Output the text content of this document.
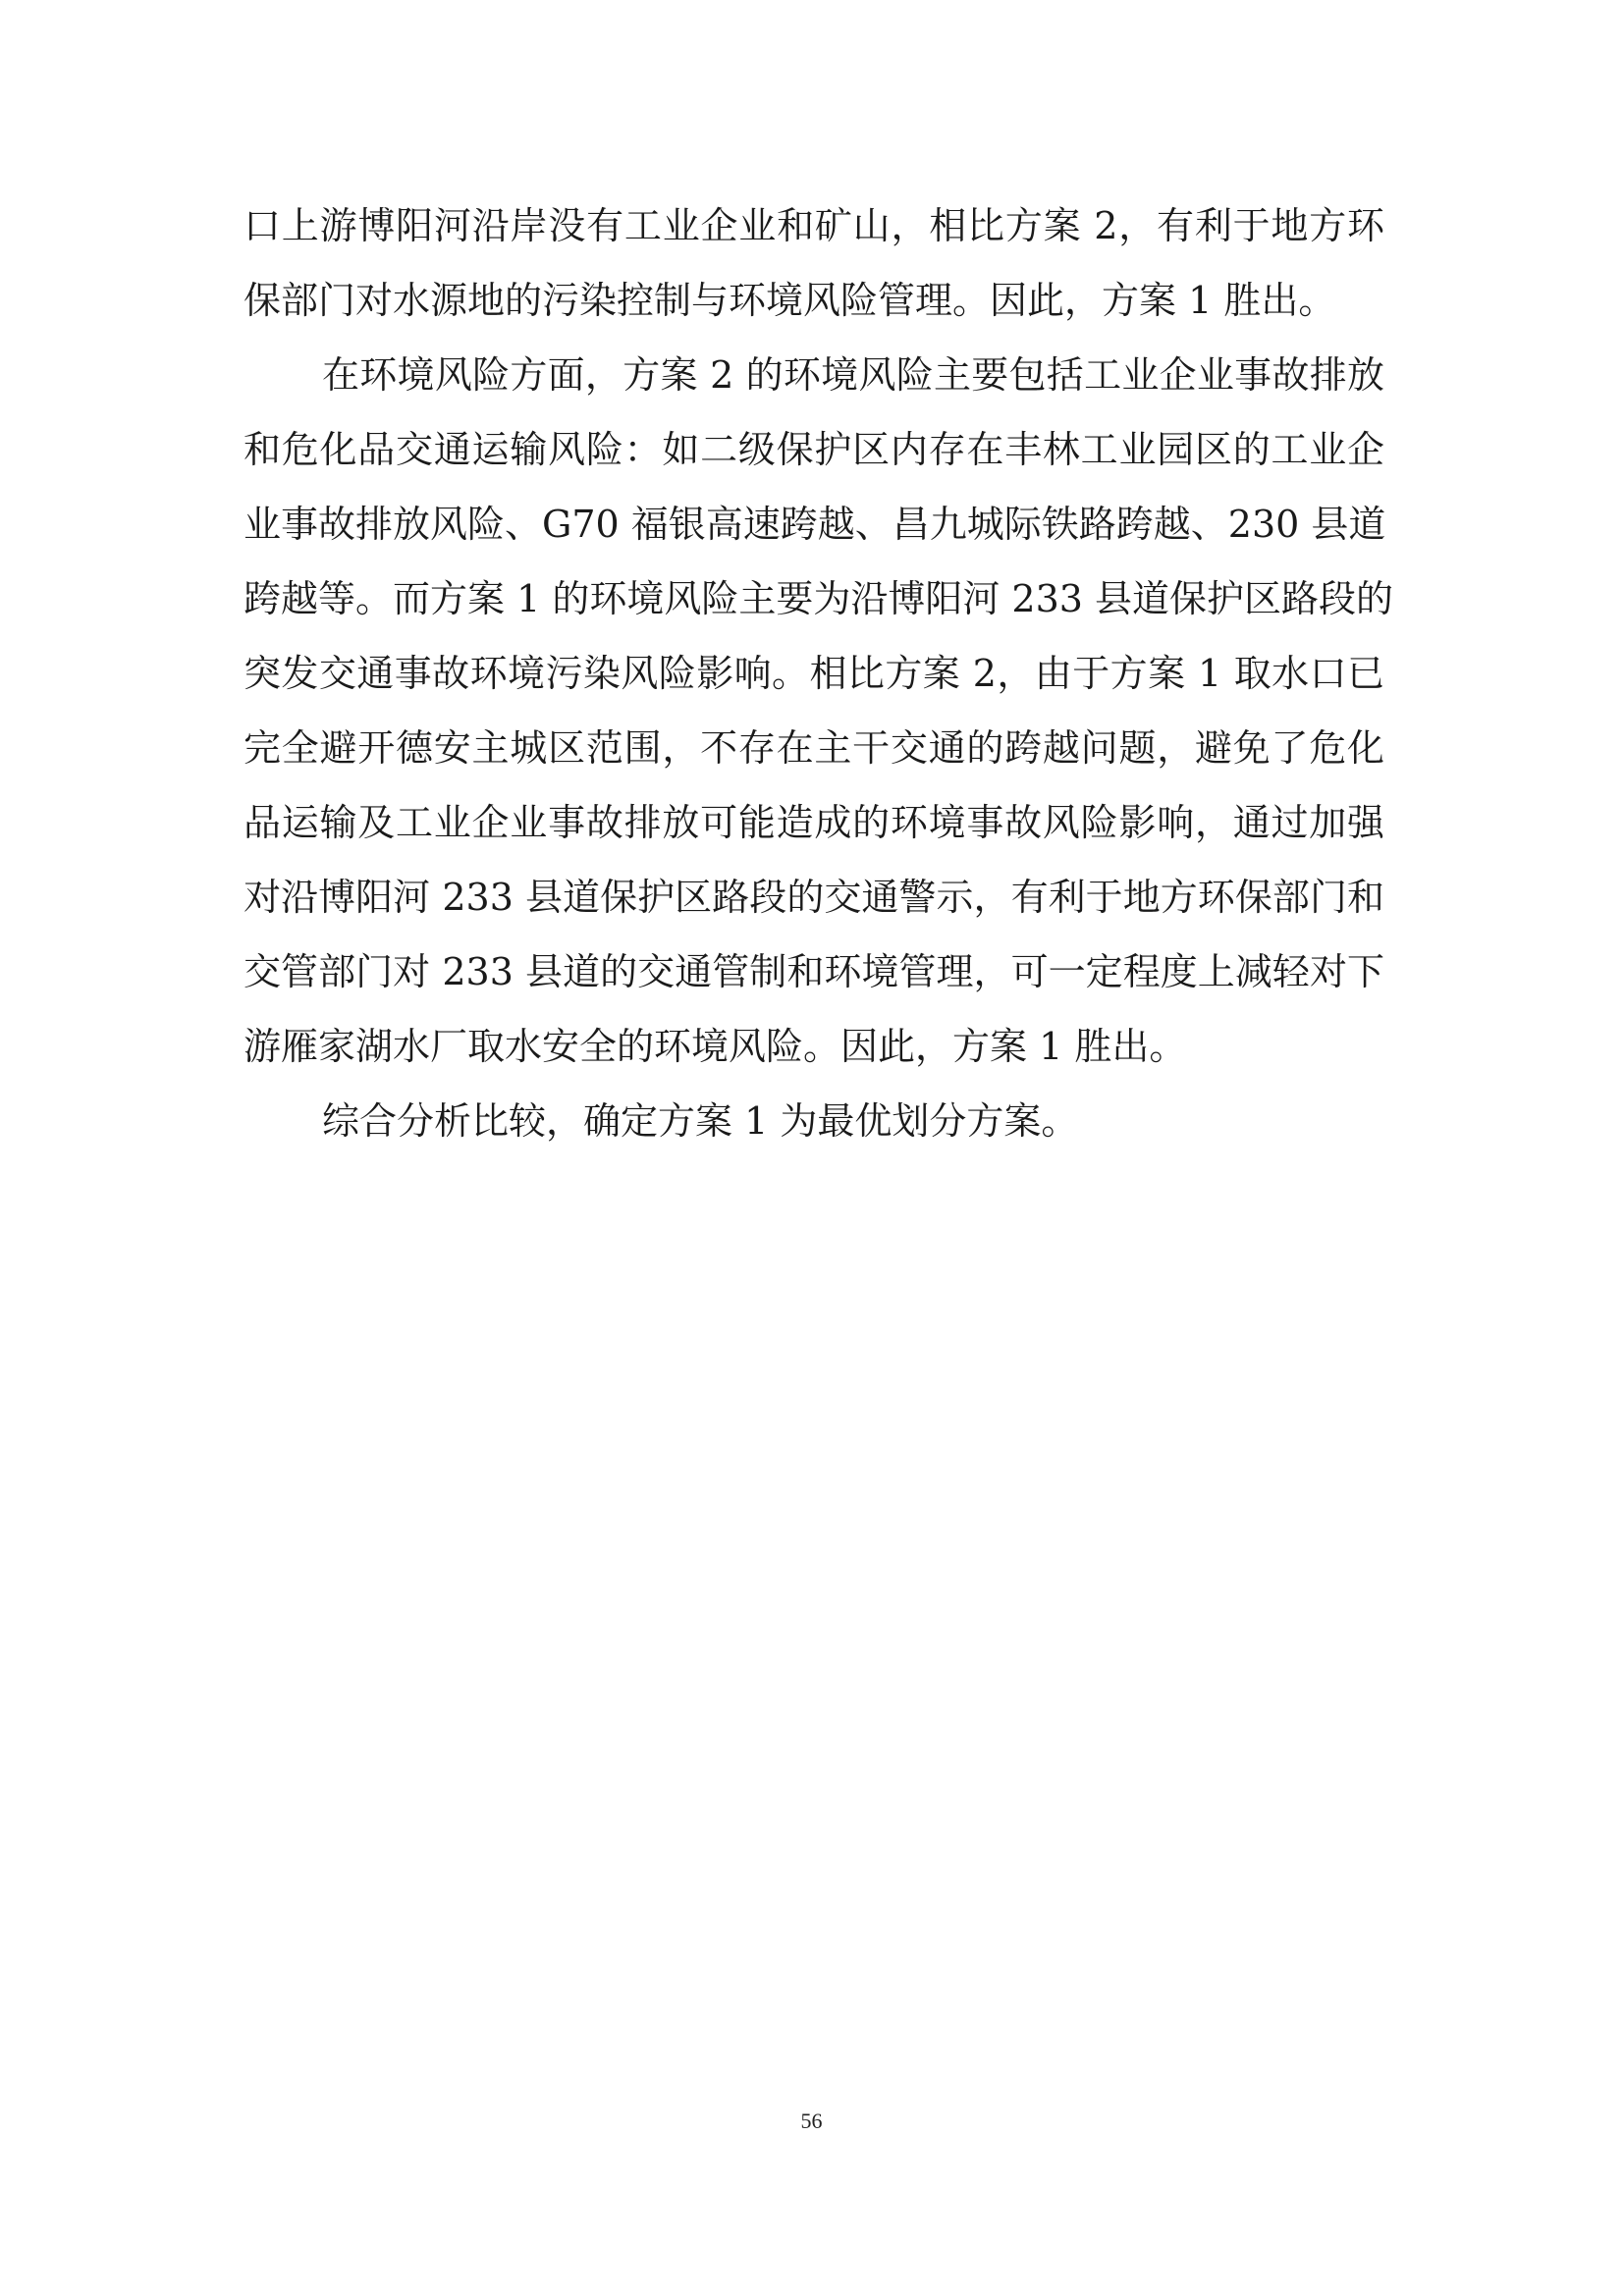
口上游博阳河沿岸没有工业企业和矿山，相比方案 2，有利于地方环
保部门对水源地的污染控制与环境风险管理。因此，方案 1 胜出。
在环境风险方面，方案 2 的环境风险主要包括工业企业事故排放
和危化品交通运输风险：如二级保护区内存在丰林工业园区的工业企
业事故排放风险、G70 福银高速跨越、昌九城际铁路跨越、230 县道
跨越等。而方案 1 的环境风险主要为沿博阳河 233 县道保护区路段的
突发交通事故环境污染风险影响。相比方案 2，由于方案 1 取水口已
完全避开德安主城区范围，不存在主干交通的跨越问题，避免了危化
品运输及工业企业事故排放可能造成的环境事故风险影响，通过加强
对沿博阳河 233 县道保护区路段的交通警示，有利于地方环保部门和
交管部门对 233 县道的交通管制和环境管理，可一定程度上减轻对下
游雁家湖水厂取水安全的环境风险。因此，方案 1 胜出。
综合分析比较，确定方案 1 为最优划分方案。
56
